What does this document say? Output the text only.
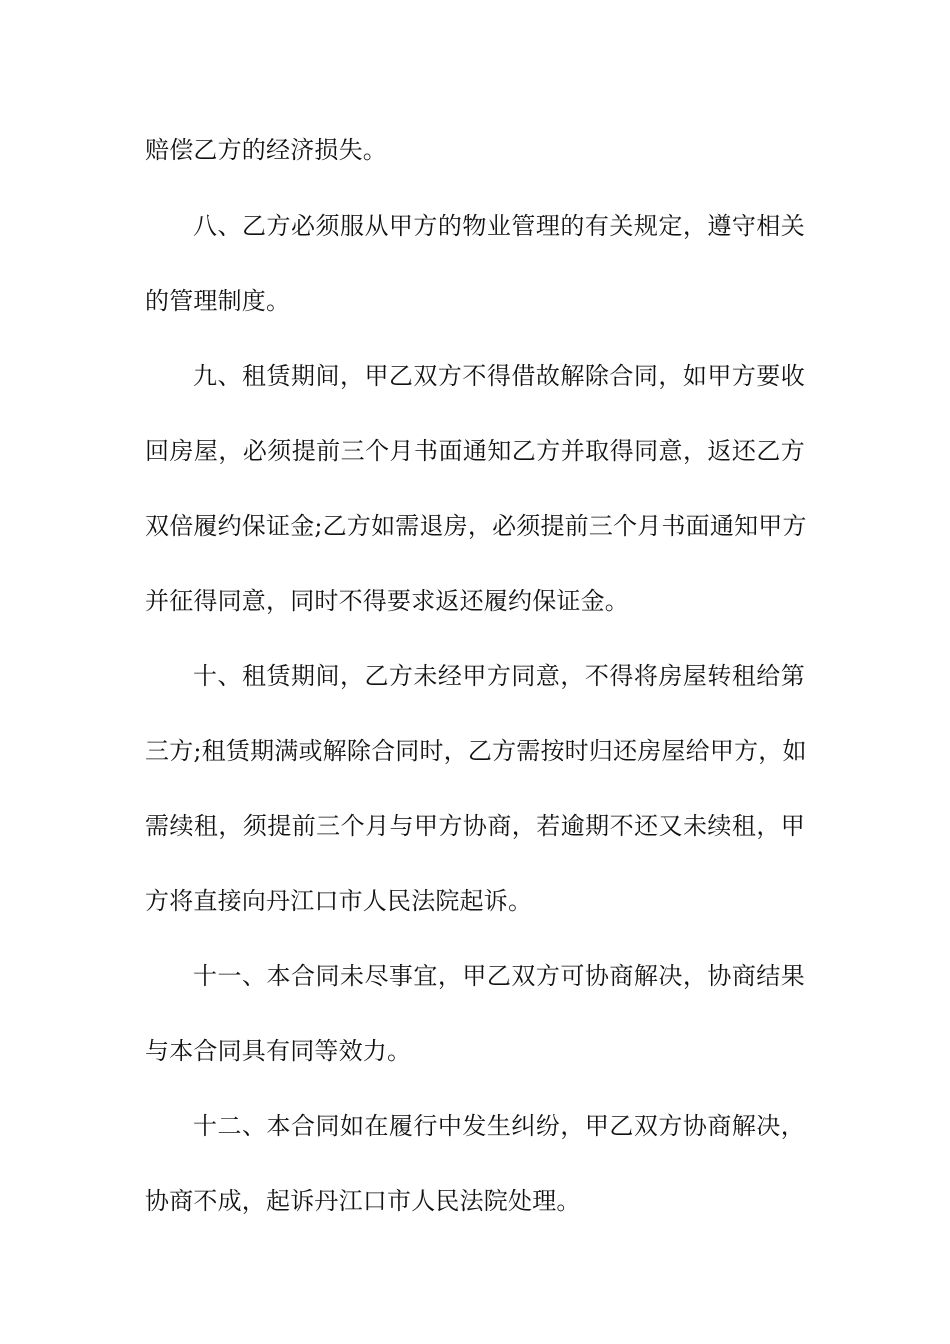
赔偿乙方的经济损失。
八、乙方必须服从甲方的物业管理的有关规定，遵守相关
的管理制度。
九、租赁期间，甲乙双方不得借故解除合同，如甲方要收
回房屋，必须提前三个月书面通知乙方并取得同意，返还乙方
双倍履约保证金;乙方如需退房，必须提前三个月书面通知甲方
并征得同意，同时不得要求返还履约保证金。
十、租赁期间，乙方未经甲方同意，不得将房屋转租给第
三方;租赁期满或解除合同时，乙方需按时归还房屋给甲方，如
需续租，须提前三个月与甲方协商，若逾期不还又未续租，甲
方将直接向丹江口市人民法院起诉。
十一、本合同未尽事宜，甲乙双方可协商解决，协商结果
与本合同具有同等效力。
十二、本合同如在履行中发生纠纷，甲乙双方协商解决，
协商不成，起诉丹江口市人民法院处理。
